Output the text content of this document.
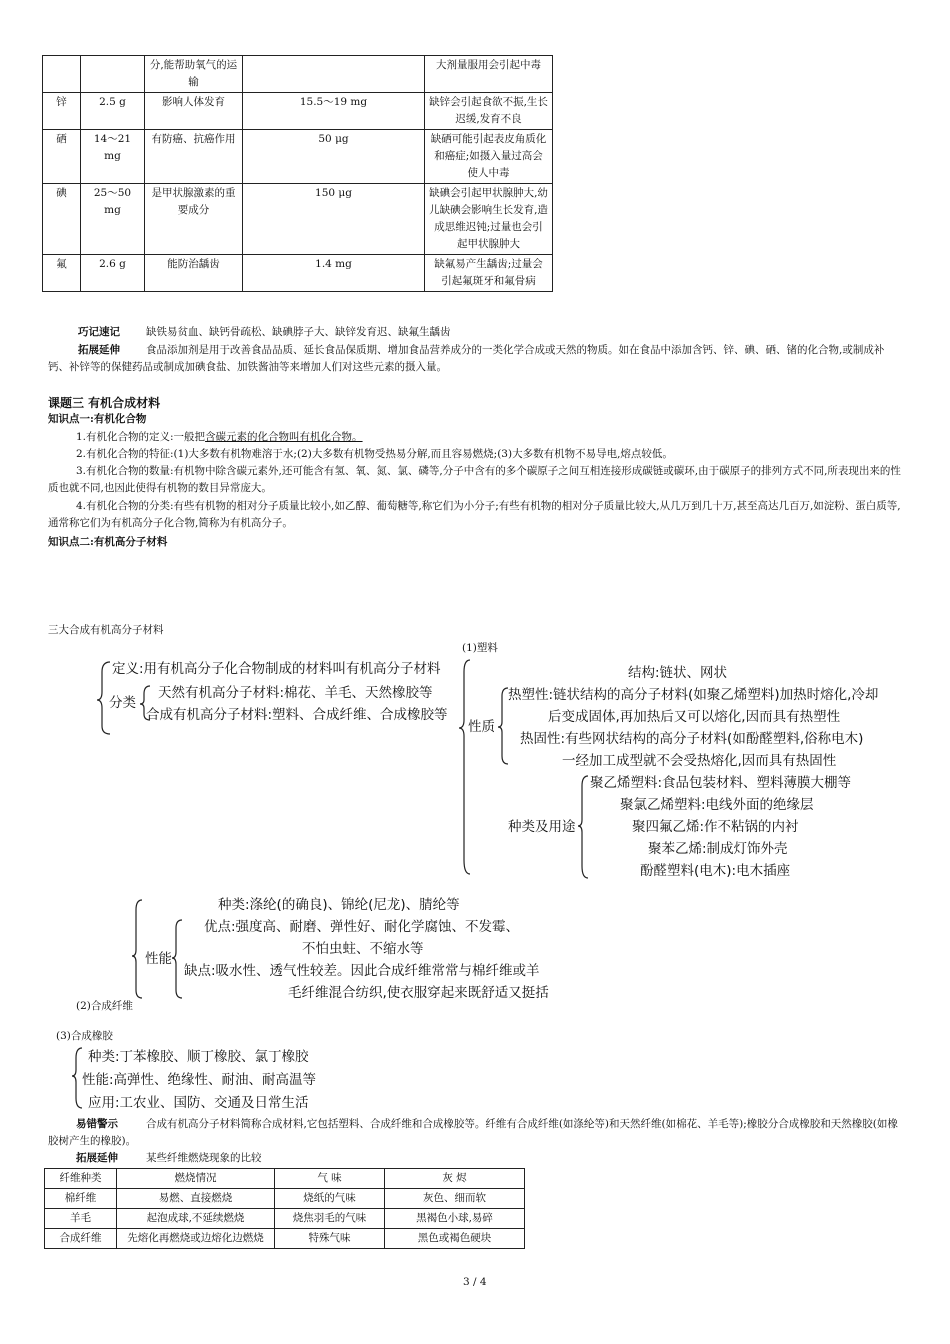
		分,能帮助氧气的运输		大剂量服用会引起中毒
锌	2.5 g	影响人体发育	15.5～19 mg	缺锌会引起食欲不振,生长迟缓,发育不良
硒	14～21 mg	有防癌、抗癌作用	50 μg	缺硒可能引起表皮角质化和癌症;如摄入量过高会使人中毒
碘	25～50 mg	是甲状腺激素的重要成分	150 μg	缺碘会引起甲状腺肿大,幼儿缺碘会影响生长发育,造成思维迟钝;过量也会引起甲状腺肿大
氟	2.6 g	能防治龋齿	1.4 mg	缺氟易产生龋齿;过量会引起氟斑牙和氟骨病
巧记速记 缺铁易贫血、缺钙骨疏松、缺碘脖子大、缺锌发育迟、缺氟生龋齿
拓展延伸	食品添加剂是用于改善食品品质、延长食品保质期、增加食品营养成分的一类化学合成或天然的物质。如在食品中添加含钙、锌、碘、硒、锗的化合物,或制成补钙、补锌等的保健药品或制成加碘食盐、加铁酱油等来增加人们对这些元素的摄入量。
课题三 有机合成材料
知识点一:有机化合物
1.有机化合物的定义:一般把含碳元素的化合物叫有机化合物。
2.有机化合物的特征:(1)大多数有机物难溶于水;(2)大多数有机物受热易分解,而且容易燃烧;(3)大多数有机物不易导电,熔点较低。
3.有机化合物的数量:有机物中除含碳元素外,还可能含有氢、氧、氮、氯、磷等,分子中含有的多个碳原子之间互相连接形成碳链或碳环,由于碳原子的排列方式不同,所表现出来的性质也就不同,也因此使得有机物的数目异常庞大。
4.有机化合物的分类:有些有机物的相对分子质量比较小,如乙醇、葡萄糖等,称它们为小分子;有些有机物的相对分子质量比较大,从几万到几十万,甚至高达几百万,如淀粉、蛋白质等,通常称它们为有机高分子化合物,简称为有机高分子。
知识点二:有机高分子材料
三大合成有机高分子材料
(1)塑料
定义:用有机高分子化合物制成的材料叫有机高分子材料
分类
天然有机高分子材料:棉花、羊毛、天然橡胶等
合成有机高分子材料:塑料、合成纤维、合成橡胶等
性质
结构:链状、网状
热塑性:链状结构的高分子材料(如聚乙烯塑料)加热时熔化,冷却
后变成固体,再加热后又可以熔化,因而具有热塑性
热固性:有些网状结构的高分子材料(如酚醛塑料,俗称电木)
一经加工成型就不会受热熔化,因而具有热固性
种类及用途
聚乙烯塑料:食品包装材料、塑料薄膜大棚等
聚氯乙烯塑料:电线外面的绝缘层
聚四氟乙烯:作不粘锅的内衬
聚苯乙烯:制成灯饰外壳
酚醛塑料(电木):电木插座
种类:涤纶(的确良)、锦纶(尼龙)、腈纶等
性能
优点:强度高、耐磨、弹性好、耐化学腐蚀、不发霉、
不怕虫蛀、不缩水等
缺点:吸水性、透气性较差。因此合成纤维常常与棉纤维或羊
毛纤维混合纺织,使衣服穿起来既舒适又挺括
(2)合成纤维
(3)合成橡胶
种类:丁苯橡胶、顺丁橡胶、氯丁橡胶
性能:高弹性、绝缘性、耐油、耐高温等
应用:工农业、国防、交通及日常生活
易错警示	合成有机高分子材料简称合成材料,它包括塑料、合成纤维和合成橡胶等。纤维有合成纤维(如涤纶等)和天然纤维(如棉花、羊毛等);橡胶分合成橡胶和天然橡胶(如橡胶树产生的橡胶)。
拓展延伸	某些纤维燃烧现象的比较
纤维种类	燃烧情况	气 味	灰 烬
棉纤维	易燃、直接燃烧	烧纸的气味	灰色、细而软
羊毛	起泡成球,不延续燃烧	烧焦羽毛的气味	黑褐色小球,易碎
合成纤维	先熔化再燃烧或边熔化边燃烧	特殊气味	黑色或褐色硬块
3 / 4
